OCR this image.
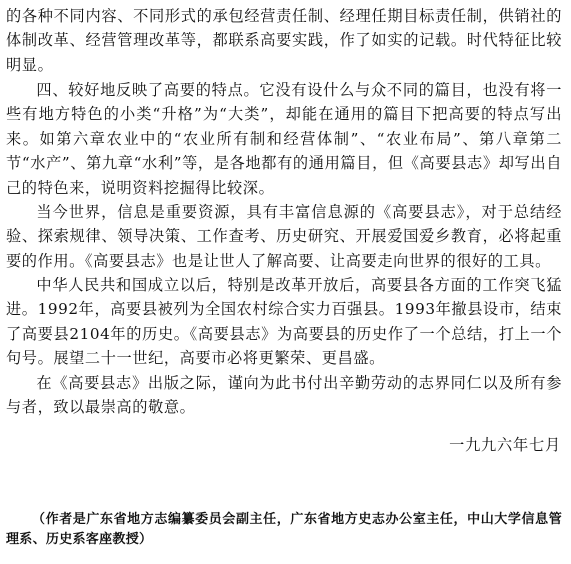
的各种不同内容、不同形式的承包经营责任制、经理任期目标责任制，供销社的体制改革、经营管理改革等，都联系高要实践，作了如实的记载。时代特征比较明显。

四、较好地反映了高要的特点。它没有设什么与众不同的篇目，也没有将一些有地方特色的小类“升格”为“大类”，却能在通用的篇目下把高要的特点写出来。如第六章农业中的“农业所有制和经营体制”、“农业布局”、第八章第二节“水产”、第九章“水利”等，是各地都有的通用篇目，但《高要县志》却写出自己的特色来，说明资料挖掘得比较深。

当今世界，信息是重要资源，具有丰富信息源的《高要县志》，对于总结经验、探索规律、领导决策、工作查考、历史研究、开展爱国爱乡教育，必将起重要的作用。《高要县志》也是让世人了解高要、让高要走向世界的很好的工具。

中华人民共和国成立以后，特别是改革开放后，高要县各方面的工作突飞猛进。1992年，高要县被列为全国农村综合实力百强县。1993年撤县设市，结束了高要县2104年的历史。《高要县志》为高要县的历史作了一个总结，打上一个句号。展望二十一世纪，高要市必将更繁荣、更昌盛。

在《高要县志》出版之际，谨向为此书付出辛勤劳动的志界同仁以及所有参与者，致以最崇高的敬意。

一九九六年七月

（作者是广东省地方志编纂委员会副主任，广东省地方史志办公室主任，中山大学信息管理系、历史系客座教授）
